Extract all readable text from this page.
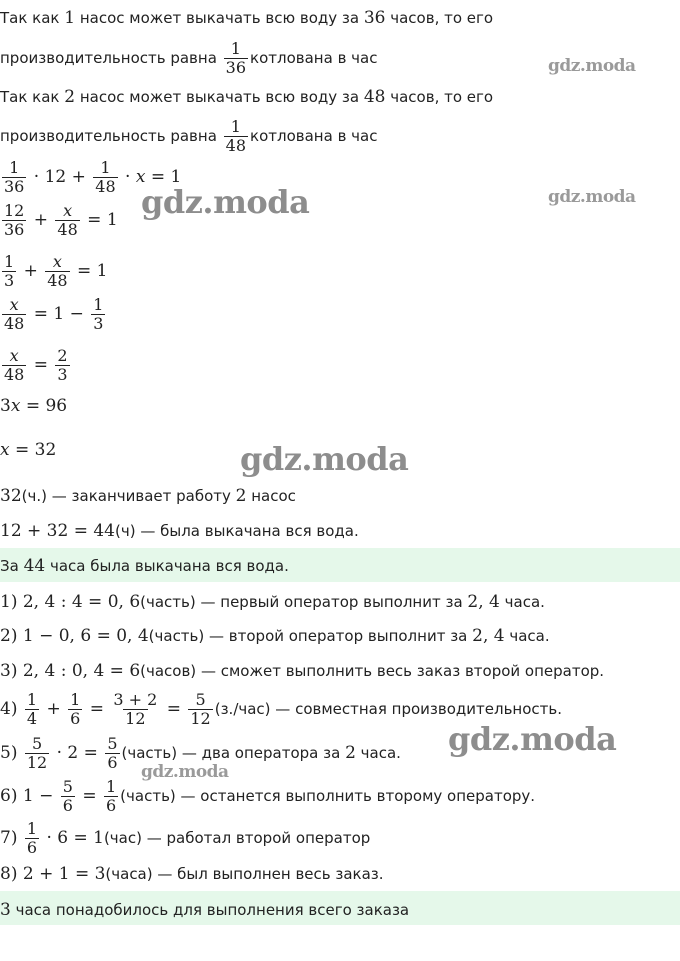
Так как 1 насос может выкачать всю воду за 36 часов, то его
производительность равна $\frac{1}{36}$ котлована в час
Так как 2 насос может выкачать всю воду за 48 часов, то его
производительность равна $\frac{1}{48}$ котлована в час
$\frac{1}{36} \cdot 12 + \frac{1}{48} \cdot x = 1$
$\frac{12}{36} + \frac{x}{48} = 1$
$\frac{1}{3} + \frac{x}{48} = 1$
$\frac{x}{48} = 1 - \frac{1}{3}$
$\frac{x}{48} = \frac{2}{3}$
3x = 96
x = 32
32(ч.) — заканчивает работу 2 насос
12 + 32 = 44(ч) — была выкачана вся вода.
За 44 часа была выкачана вся вода.
1) 2, 4 : 4 = 0, 6(часть) — первый оператор выполнит за 2, 4 часа.
2) 1 − 0, 6 = 0, 4(часть) — второй оператор выполнит за 2, 4 часа.
3) 2, 4 : 0, 4 = 6(часов) — сможет выполнить весь заказ второй оператор.
$4) \frac{1}{4} + \frac{1}{6} = \frac{3 + 2}{12} = \frac{5}{12} (з./час)$ — совместная производительность.
$5) \frac{5}{12} \cdot 2 = \frac{5}{6}$ (часть) — два оператора за 2 часа.
6) $1 - \frac{5}{6} = \frac{1}{6}$ (часть) — останется выполнить второму оператору.
$7) \frac{1}{6} \cdot 6 = 1(час)$ — работал второй оператор
8) 2 + 1 = 3(часа) — был выполнен весь заказ.
3 часа понадобилось для выполнения всего заказа
gdz.moda
gdz.moda
gdz.moda
gdz.moda
gdz.moda
gdz.moda
